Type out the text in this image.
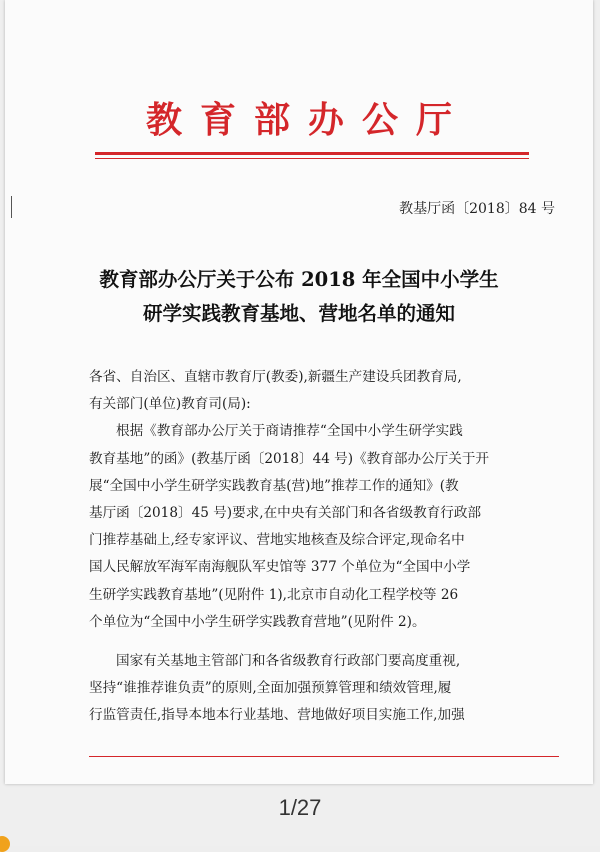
教育部办公厅
教基厅函〔2018〕84 号
教育部办公厅关于公布 2018 年全国中小学生
研学实践教育基地、营地名单的通知

各省、自治区、直辖市教育厅(教委),新疆生产建设兵团教育局,

有关部门(单位)教育司(局):

根据《教育部办公厅关于商请推荐“全国中小学生研学实践

教育基地”的函》(教基厅函〔2018〕44 号)《教育部办公厅关于开

展“全国中小学生研学实践教育基(营)地”推荐工作的通知》(教

基厅函〔2018〕45 号)要求,在中央有关部门和各省级教育行政部

门推荐基础上,经专家评议、营地实地核查及综合评定,现命名中

国人民解放军海军南海舰队军史馆等 377 个单位为“全国中小学

生研学实践教育基地”(见附件 1),北京市自动化工程学校等 26

个单位为“全国中小学生研学实践教育营地”(见附件 2)。

国家有关基地主管部门和各省级教育行政部门要高度重视,

坚持“谁推荐谁负责”的原则,全面加强预算管理和绩效管理,履

行监管责任,指导本地本行业基地、营地做好项目实施工作,加强

1/27
